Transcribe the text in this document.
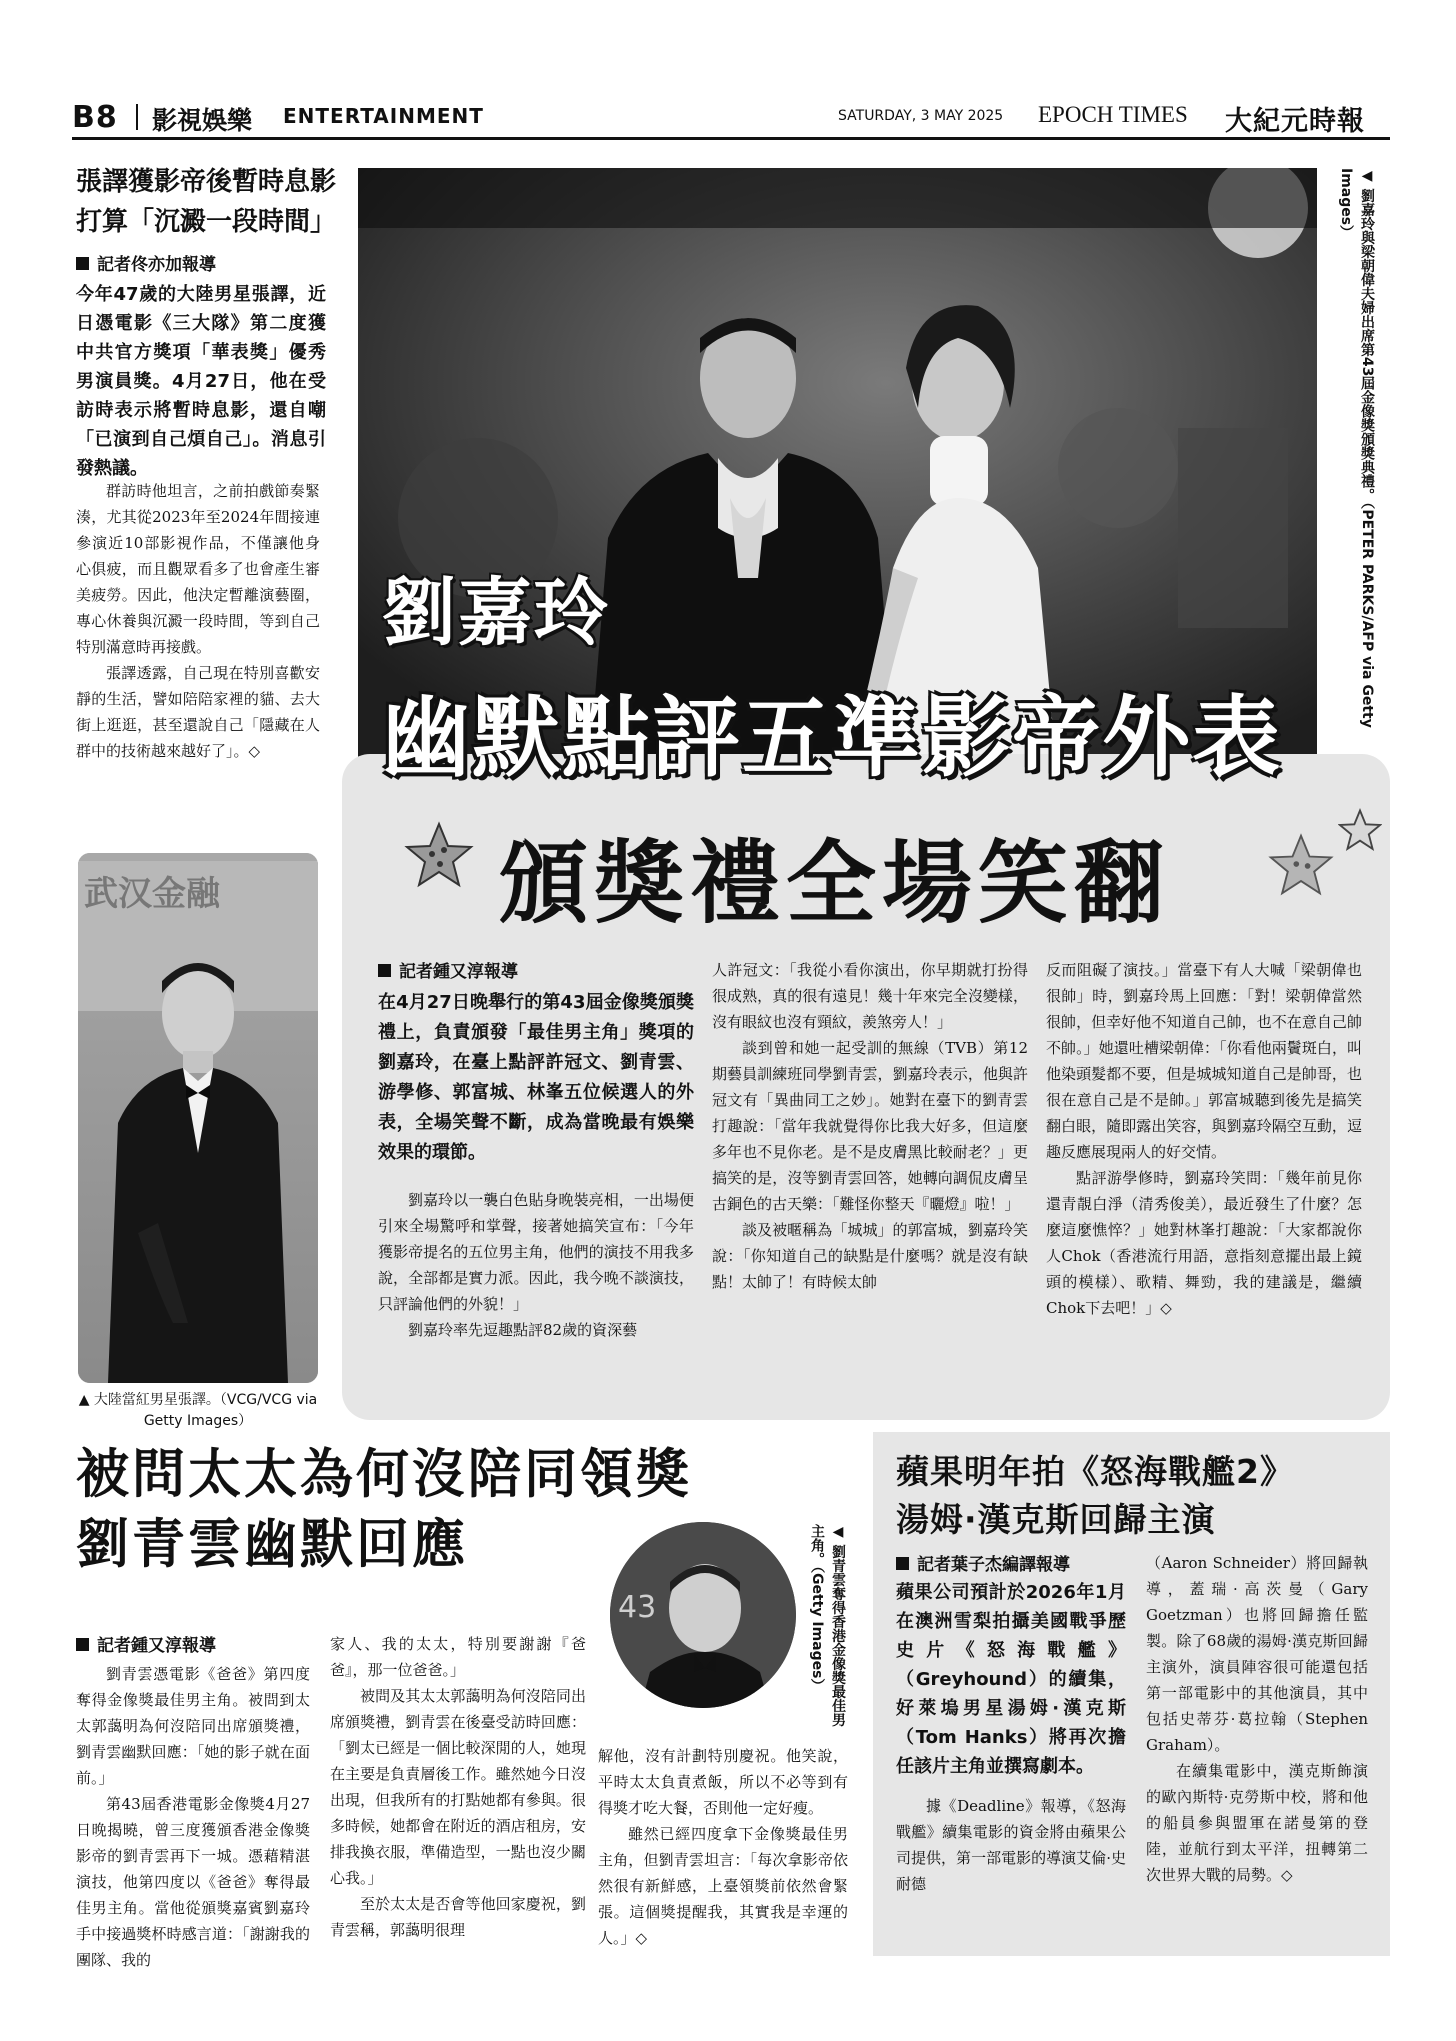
B8 影視娛樂 ENTERTAINMENT	SATURDAY, 3 MAY 2025 EPOCH TIMES 大紀元時報
張譯獲影帝後暫時息影打算「沉澱一段時間」
記者佟亦加報導
今年47歲的大陸男星張譯，近日憑電影《三大隊》第二度獲中共官方獎項「華表獎」優秀男演員獎。4月27日，他在受訪時表示將暫時息影，還自嘲「已演到自己煩自己」。消息引發熱議。

群訪時他坦言，之前拍戲節奏緊湊，尤其從2023年至2024年間接連參演近10部影視作品，不僅讓他身心俱疲，而且觀眾看多了也會產生審美疲勞。因此，他決定暫離演藝圈，專心休養與沉澱一段時間，等到自己特別滿意時再接戲。

張譯透露，自己現在特別喜歡安靜的生活，譬如陪陪家裡的貓、去大街上逛逛，甚至還說自己「隱藏在人群中的技術越來越好了」。◇

武汉金融
▲ 大陸當紅男星張譯。（VCG/VCG via Getty Images）
◀ 劉嘉玲與梁朝偉夫婦出席第43屆金像獎頒獎典禮。（PETER PARKS/AFP via Getty Images）
劉嘉玲
幽默點評五準影帝外表
頒獎禮全場笑翻
記者鍾又淳報導
在4月27日晚舉行的第43屆金像獎頒獎禮上，負責頒發「最佳男主角」獎項的劉嘉玲，在臺上點評許冠文、劉青雲、游學修、郭富城、林峯五位候選人的外表，全場笑聲不斷，成為當晚最有娛樂效果的環節。

劉嘉玲以一襲白色貼身晚裝亮相，一出場便引來全場驚呼和掌聲，接著她搞笑宣布：「今年獲影帝提名的五位男主角，他們的演技不用我多說，全部都是實力派。因此，我今晚不談演技，只評論他們的外貌！」

劉嘉玲率先逗趣點評82歲的資深藝

人許冠文：「我從小看你演出，你早期就打扮得很成熟，真的很有遠見！幾十年來完全沒變樣，沒有眼紋也沒有頸紋，羨煞旁人！」

談到曾和她一起受訓的無線（TVB）第12期藝員訓練班同學劉青雲，劉嘉玲表示，他與許冠文有「異曲同工之妙」。她對在臺下的劉青雲打趣說：「當年我就覺得你比我大好多，但這麼多年也不見你老。是不是皮膚黑比較耐老？」更搞笑的是，沒等劉青雲回答，她轉向調侃皮膚呈古銅色的古天樂：「難怪你整天『曬燈』啦！」

談及被暱稱為「城城」的郭富城，劉嘉玲笑說：「你知道自己的缺點是什麼嗎？就是沒有缺點！太帥了！有時候太帥

反而阻礙了演技。」當臺下有人大喊「梁朝偉也很帥」時，劉嘉玲馬上回應：「對！梁朝偉當然很帥，但幸好他不知道自己帥，也不在意自己帥不帥。」她還吐槽梁朝偉：「你看他兩鬢斑白，叫他染頭髮都不要，但是城城知道自己是帥哥，也很在意自己是不是帥。」郭富城聽到後先是搞笑翻白眼，隨即露出笑容，與劉嘉玲隔空互動，逗趣反應展現兩人的好交情。

點評游學修時，劉嘉玲笑問：「幾年前見你還青靚白淨（清秀俊美），最近發生了什麼？怎麼這麼憔悴？」她對林峯打趣說：「大家都說你人Chok（香港流行用語，意指刻意擺出最上鏡頭的模樣）、歌精、舞勁，我的建議是，繼續Chok下去吧！」◇

被問太太為何沒陪同領獎
劉青雲幽默回應
記者鍾又淳報導

劉青雲憑電影《爸爸》第四度奪得金像獎最佳男主角。被問到太太郭藹明為何沒陪同出席頒獎禮，劉青雲幽默回應：「她的影子就在面前。」

第43屆香港電影金像獎4月27日晚揭曉，曾三度獲頒香港金像獎影帝的劉青雲再下一城。憑藉精湛演技，他第四度以《爸爸》奪得最佳男主角。當他從頒獎嘉賓劉嘉玲手中接過獎杯時感言道：「謝謝我的團隊、我的

家人、我的太太，特別要謝謝『爸爸』，那一位爸爸。」

被問及其太太郭藹明為何沒陪同出席頒獎禮，劉青雲在後臺受訪時回應：「劉太已經是一個比較深閒的人，她現在主要是負責層後工作。雖然她今日沒出現，但我所有的打點她都有參與。很多時候，她都會在附近的酒店租房，安排我換衣服，準備造型，一點也沒少關心我。」

至於太太是否會等他回家慶祝，劉青雲稱，郭藹明很理

43	◀ 劉青雲奪得香港金像獎最佳男主角。（Getty Images）

解他，沒有計劃特別慶祝。他笑說，平時太太負責煮飯，所以不必等到有得獎才吃大餐，否則他一定好瘦。

雖然已經四度拿下金像獎最佳男主角，但劉青雲坦言：「每次拿影帝依然很有新鮮感，上臺領獎前依然會緊張。這個獎提醒我，其實我是幸運的人。」◇

蘋果明年拍《怒海戰艦2》
湯姆·漢克斯回歸主演
記者葉子杰編譯報導
蘋果公司預計於2026年1月在澳洲雪梨拍攝美國戰爭歷史片《怒海戰艦》（Greyhound）的續集，好萊塢男星湯姆·漢克斯（Tom Hanks）將再次擔任該片主角並撰寫劇本。

據《Deadline》報導，《怒海戰艦》續集電影的資金將由蘋果公司提供，第一部電影的導演艾倫·史耐德

（Aaron Schneider）將回歸執導，蓋瑞·高茨曼（Gary Goetzman）也將回歸擔任監製。除了68歲的湯姆·漢克斯回歸主演外，演員陣容很可能還包括第一部電影中的其他演員，其中包括史蒂芬·葛拉翰（Stephen Graham）。

在續集電影中，漢克斯飾演的歐內斯特·克勞斯中校，將和他的船員參與盟軍在諾曼第的登陸，並航行到太平洋，扭轉第二次世界大戰的局勢。◇
